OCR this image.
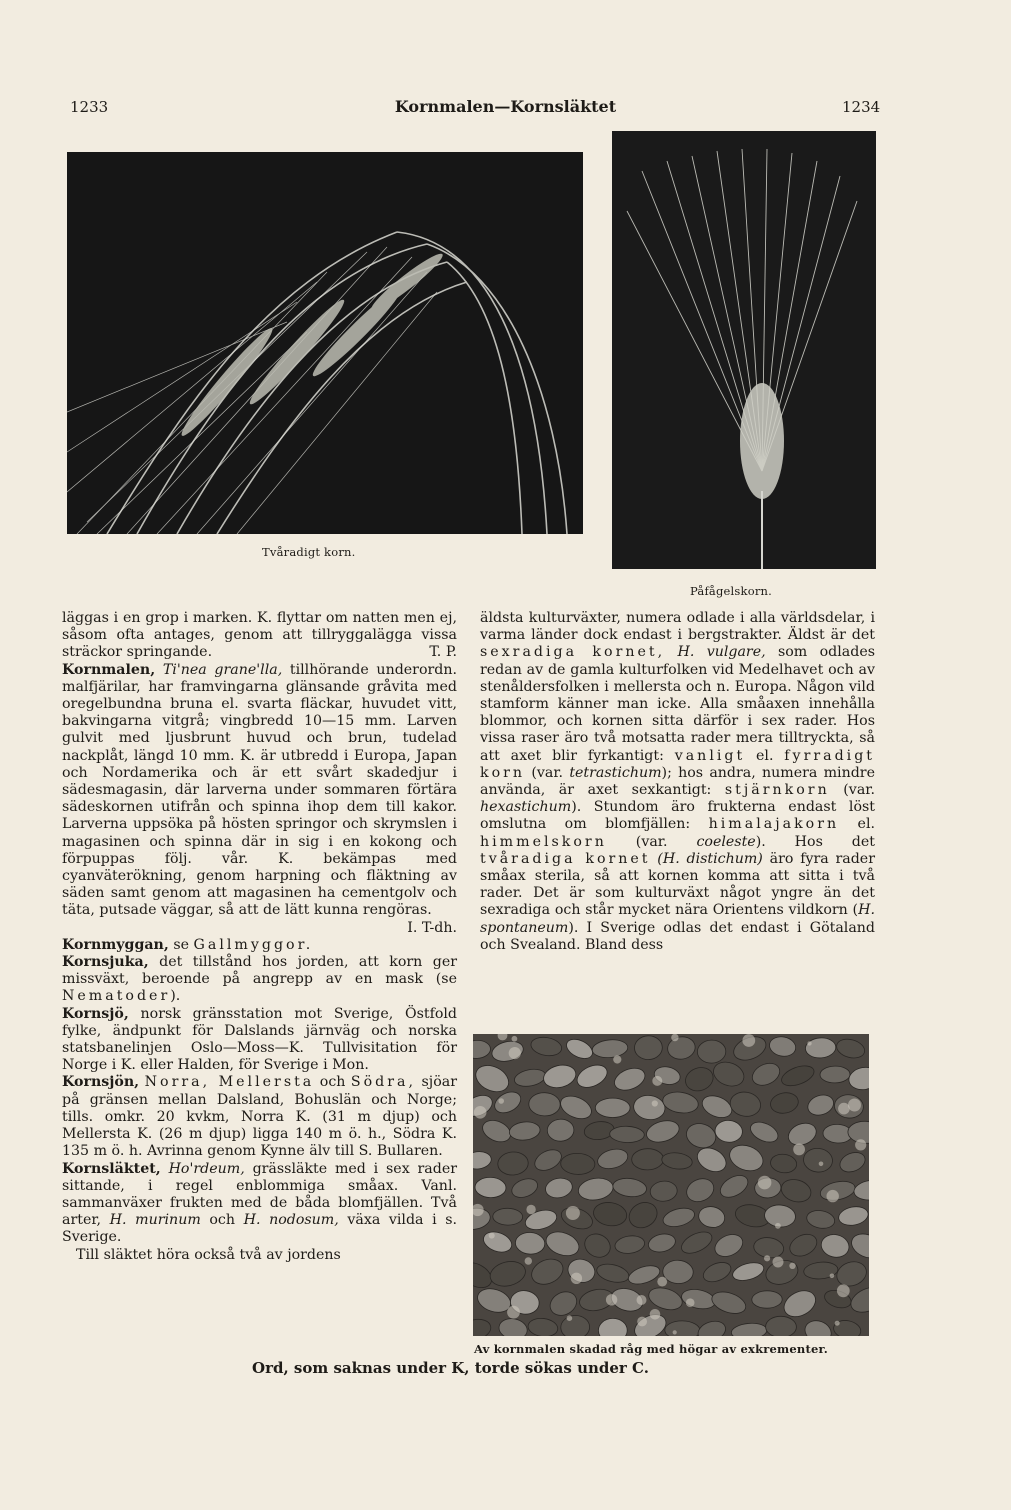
1233	Kornmalen—Kornsläktet	1234
Tvåradigt korn.
Påfågelskorn.

läggas i en grop i marken. K. flyttar om natten men ej, såsom ofta antages, genom att tillryggalägga vissa sträckor springande.	T. P.

Kornmalen, Ti'nea grane'lla, tillhörande underordn. malfjärilar, har framvingarna glänsande gråvita med oregelbundna bruna el. svarta fläckar, huvudet vitt, bakvingarna vitgrå; vingbredd 10—15 mm. Larven gulvit med ljusbrunt huvud och brun, tudelad nackplåt, längd 10 mm. K. är utbredd i Europa, Japan och Nordamerika och är ett svårt skadedjur i sädesmagasin, där larverna under sommaren förtära sädeskornen utifrån och spinna ihop dem till kakor. Larverna uppsöka på hösten springor och skrymslen i magasinen och spinna där in sig i en kokong och förpuppas följ. vår. K. bekämpas med cyanväterökning, genom harpning och fläktning av säden samt genom att magasinen ha cementgolv och täta, putsade väggar, så att de lätt kunna rengöras.
I. T-dh.

Kornmyggan, se Gallmyggor.

Kornsjuka, det tillstånd hos jorden, att korn ger missväxt, beroende på angrepp av en mask (se Nematoder).

Kornsjö, norsk gränsstation mot Sverige, Östfold fylke, ändpunkt för Dalslands järnväg och norska statsbanelinjen Oslo—Moss—K. Tullvisitation för Norge i K. eller Halden, för Sverige i Mon.

Kornsjön, Norra, Mellersta och Södra, sjöar på gränsen mellan Dalsland, Bohuslän och Norge; tills. omkr. 20 kvkm, Norra K. (31 m djup) och Mellersta K. (26 m djup) ligga 140 m ö. h., Södra K. 135 m ö. h. Avrinna genom Kynne älv till S. Bullaren.

Kornsläktet, Ho'rdeum, grässläkte med i sex rader sittande, i regel enblommiga småax. Vanl. sammanväxer frukten med de båda blomfjällen. Två arter, H. murinum och H. nodosum, växa vilda i s. Sverige.

Till släktet höra också två av jordens

äldsta kulturväxter, numera odlade i alla världsdelar, i varma länder dock endast i bergstrakter. Äldst är det sexradiga kornet, H. vulgare, som odlades redan av de gamla kulturfolken vid Medelhavet och av stenåldersfolken i mellersta och n. Europa. Någon vild stamform känner man icke. Alla småaxen innehålla blommor, och kornen sitta därför i sex rader. Hos vissa raser äro två motsatta rader mera tilltryckta, så att axet blir fyrkantigt: vanligt el. fyrradigt korn (var. tetrastichum); hos andra, numera mindre använda, är axet sexkantigt: stjärnkorn (var. hexastichum). Stundom äro frukterna endast löst omslutna om blomfjällen: himalajakorn el. himmelskorn (var. coeleste). Hos det tvåradiga kornet (H. distichum) äro fyra rader småax sterila, så att kornen komma att sitta i två rader. Det är som kulturväxt något yngre än det sexradiga och står mycket nära Orientens vildkorn (H. spontaneum). I Sverige odlas det endast i Götaland och Svealand. Bland dess

Av kornmalen skadad råg med högar av exkrementer.
Ord, som saknas under K, torde sökas under C.
